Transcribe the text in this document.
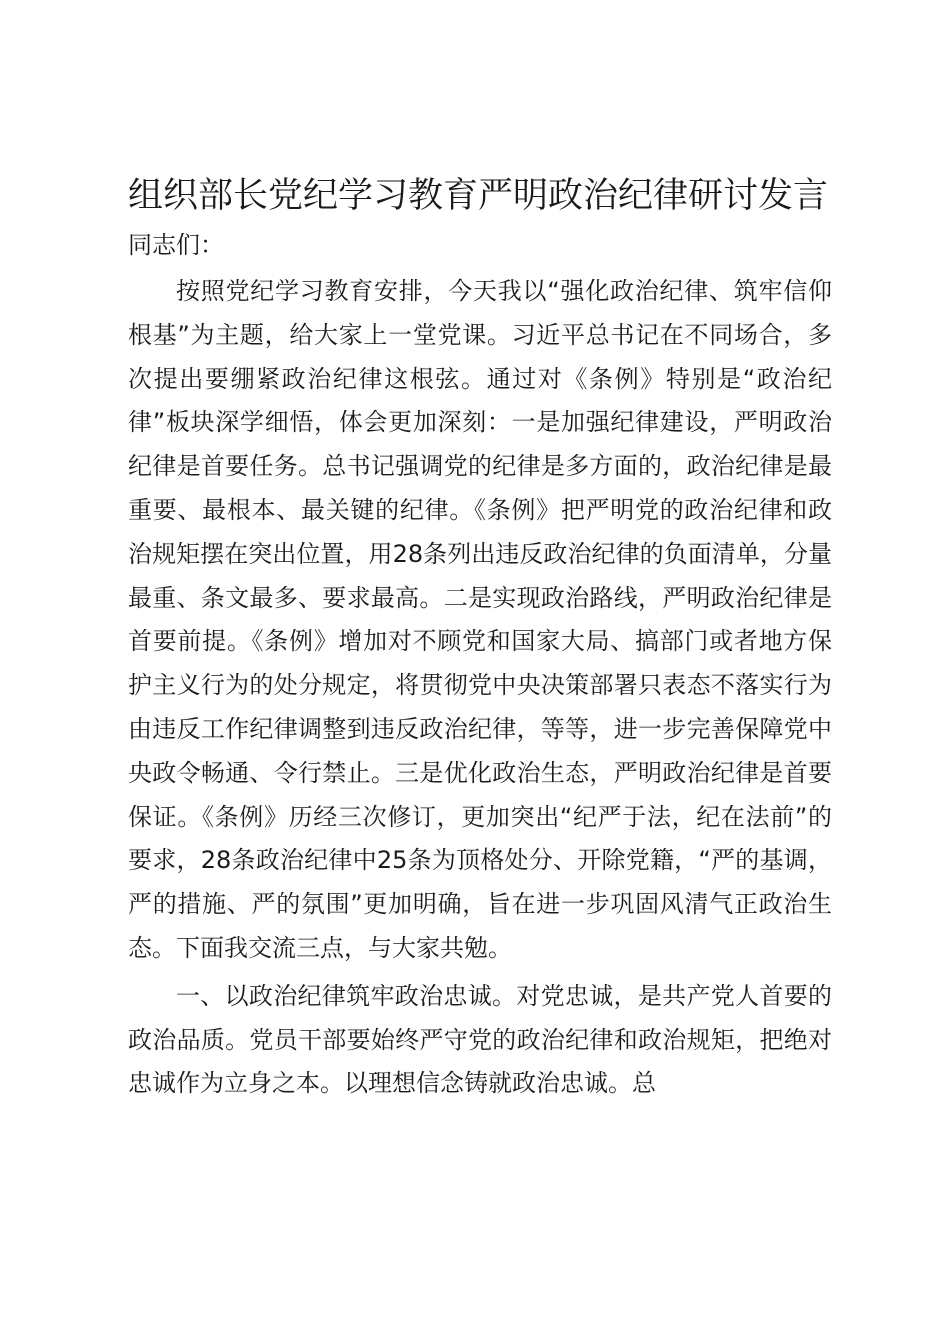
组织部长党纪学习教育严明政治纪律研讨发言

同志们：

按照党纪学习教育安排，今天我以“强化政治纪律、筑牢信仰根基”为主题，给大家上一堂党课。习近平总书记在不同场合，多次提出要绷紧政治纪律这根弦。通过对《条例》特别是“政治纪律”板块深学细悟，体会更加深刻：一是加强纪律建设，严明政治纪律是首要任务。总书记强调党的纪律是多方面的，政治纪律是最重要、最根本、最关键的纪律。《条例》把严明党的政治纪律和政治规矩摆在突出位置，用28条列出违反政治纪律的负面清单，分量最重、条文最多、要求最高。二是实现政治路线，严明政治纪律是首要前提。《条例》增加对不顾党和国家大局、搞部门或者地方保护主义行为的处分规定，将贯彻党中央决策部署只表态不落实行为由违反工作纪律调整到违反政治纪律，等等，进一步完善保障党中央政令畅通、令行禁止。三是优化政治生态，严明政治纪律是首要保证。《条例》历经三次修订，更加突出“纪严于法，纪在法前”的要求，28条政治纪律中25条为顶格处分、开除党籍，“严的基调，严的措施、严的氛围”更加明确，旨在进一步巩固风清气正政治生态。下面我交流三点，与大家共勉。

一、以政治纪律筑牢政治忠诚。对党忠诚，是共产党人首要的政治品质。党员干部要始终严守党的政治纪律和政治规矩，把绝对忠诚作为立身之本。以理想信念铸就政治忠诚。总
